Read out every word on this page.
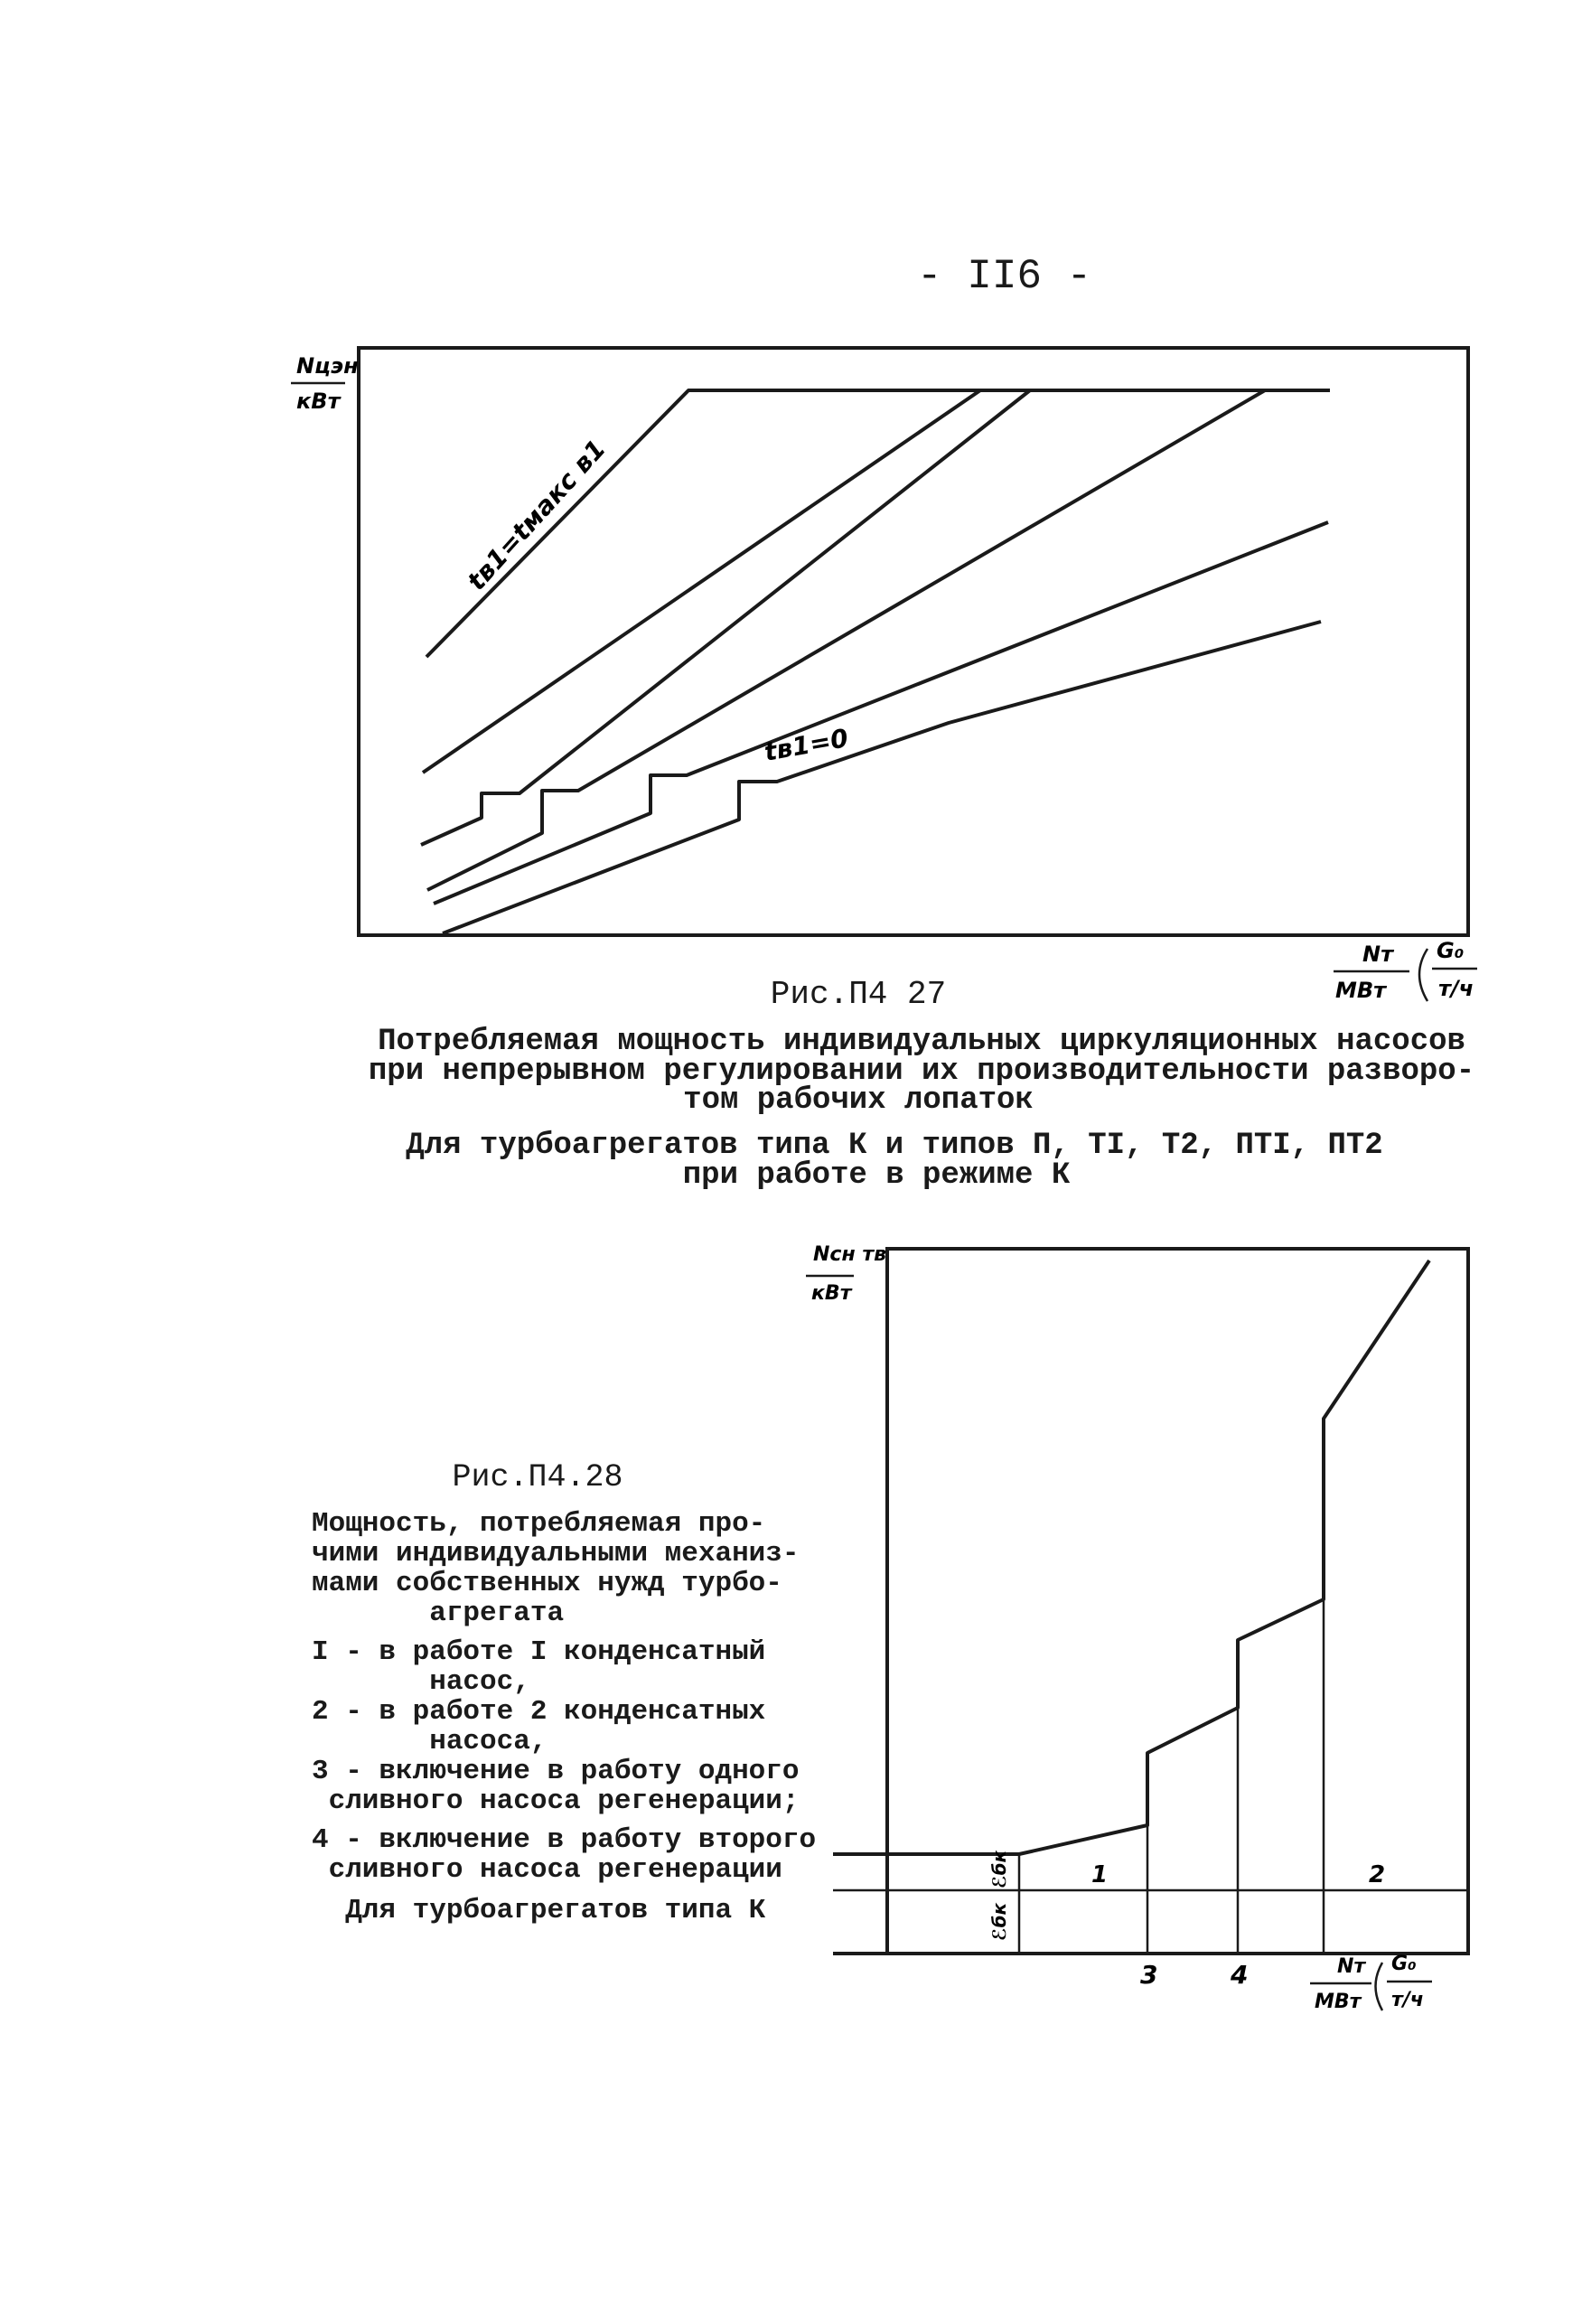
- II6 -
Nцэн
кВт
tв1=tмакс в1
tв1=0
Nт
МВт
G₀
т/ч
Рис.П4 27
Потребляемая мощность индивидуальных циркуляционных насосов
при непрерывном регулировании их производительности разворо-
том рабочих лопаток
Для турбоагрегатов типа К и типов П, ТI, Т2, ПТI, ПТ2
при работе в режиме К
Nсн тв
кВт
ℰбк
ℰбк
1	2
3	4	Nт
МВт
G₀
т/ч
Рис.П4.28
Мощность, потребляемая про-
чими индивидуальными механиз-
мами собственных нужд турбо-
агрегата
I - в работе I конденсатный
насос,
2 - в работе 2 конденсатных
насоса,
3 - включение в работу одного
сливного насоса регенерации;
4 - включение в работу второго
сливного насоса регенерации
Для турбоагрегатов типа К
